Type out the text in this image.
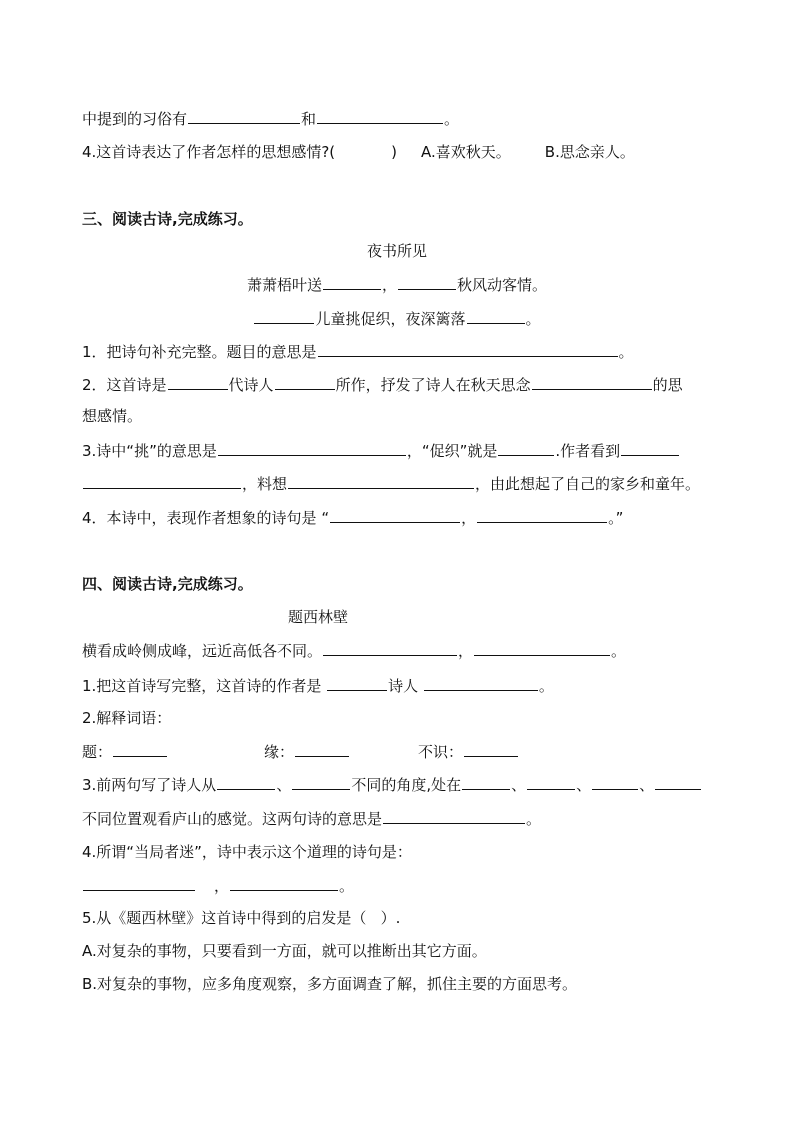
中提到的习俗有	和	。
4.这首诗表达了作者怎样的思想感情?(	) A.喜欢秋天。 B.思念亲人。
三、阅读古诗,完成练习。
夜书所见
萧萧梧叶送	，	秋风动客情。
儿童挑促织，夜深篱落	。
1．把诗句补充完整。题目的意思是	。
2．这首诗是	代诗人	所作，抒发了诗人在秋天思念	的思
想感情。
3.诗中“挑”的意思是	，“促织”就是	.作者看到
，料想	，由此想起了自己的家乡和童年。
4．本诗中，表现作者想象的诗句是 “	，	。”
四、阅读古诗,完成练习。
题西林壁
横看成岭侧成峰，远近高低各不同。	，	。
1.把这首诗写完整，这首诗的作者是	诗人	。
2.解释词语：
题：	缘：	不识：
3.前两句写了诗人从	、	不同的角度,处在	、	、	、
不同位置观看庐山的感觉。这两句诗的意思是	。
4.所谓“当局者迷”，诗中表示这个道理的诗句是：
，	。
5.从《题西林壁》这首诗中得到的启发是（   ）.
A.对复杂的事物，只要看到一方面，就可以推断出其它方面。
B.对复杂的事物，应多角度观察，多方面调查了解，抓住主要的方面思考。
